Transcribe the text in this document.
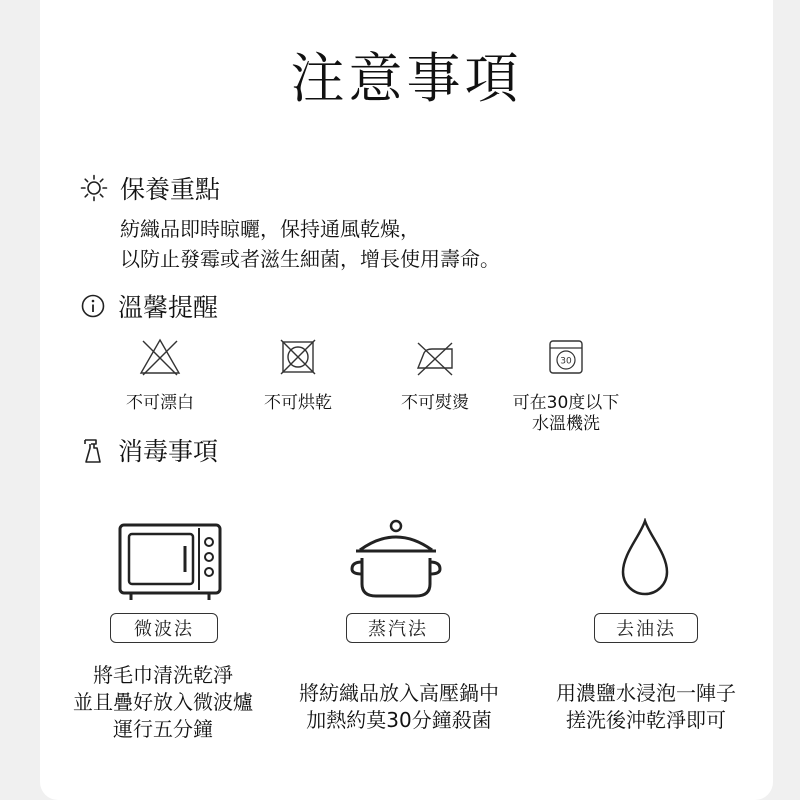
注意事項
保養重點
紡織品即時晾曬，保持通風乾燥，
以防止發霉或者滋生細菌，增長使用壽命。
溫馨提醒
不可漂白	不可烘乾	不可熨燙
30
可在30度以下
水溫機洗
消毒事項
微波法
將毛巾清洗乾淨
並且疊好放入微波爐
運行五分鐘
蒸汽法
將紡織品放入高壓鍋中
加熱約莫30分鐘殺菌
去油法
用濃鹽水浸泡一陣子
搓洗後沖乾淨即可
